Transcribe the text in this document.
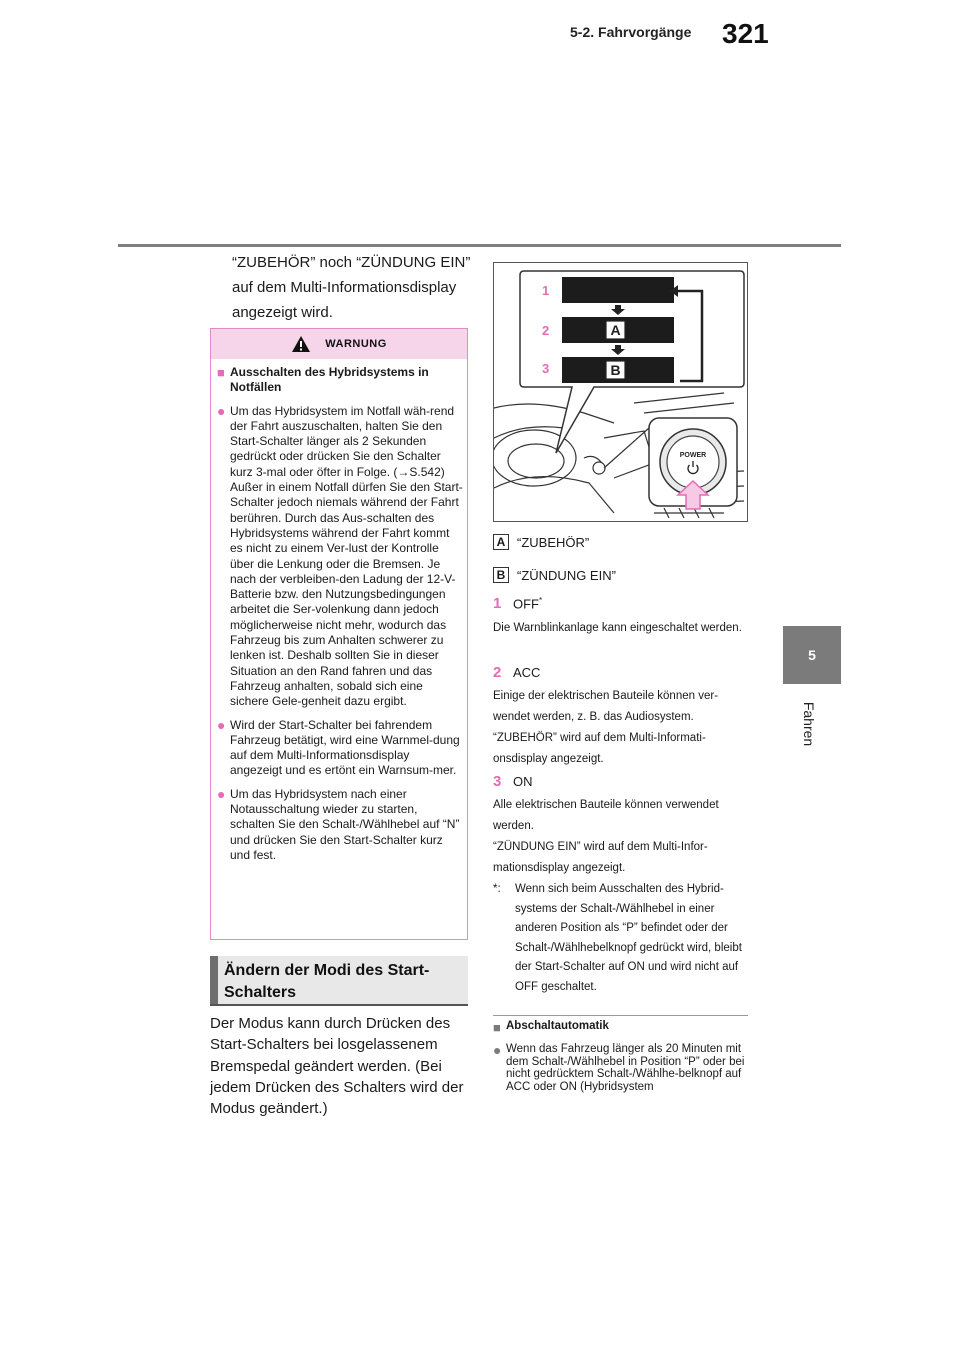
5-2. Fahrvorgänge 321
5
Fahren
“ZUBEHÖR” noch “ZÜNDUNG EIN” auf dem Multi-Informationsdisplay angezeigt wird.
WARNUNG
■ Ausschalten des Hybridsystems in Notfällen
● Um das Hybridsystem im Notfall wäh-rend der Fahrt auszuschalten, halten Sie den Start-Schalter länger als 2 Sekunden gedrückt oder drücken Sie den Schalter kurz 3-mal oder öfter in Folge. (→S.542) Außer in einem Notfall dürfen Sie den Start-Schalter jedoch niemals während der Fahrt berühren. Durch das Aus-schalten des Hybridsystems während der Fahrt kommt es nicht zu einem Ver-lust der Kontrolle über die Lenkung oder die Bremsen. Je nach der verbleiben-den Ladung der 12-V-Batterie bzw. den Nutzungsbedingungen arbeitet die Ser-volenkung dann jedoch möglicherweise nicht mehr, wodurch das Fahrzeug bis zum Anhalten schwerer zu lenken ist. Deshalb sollten Sie in dieser Situation an den Rand fahren und das Fahrzeug anhalten, sobald sich eine sichere Gele-genheit dazu ergibt.
● Wird der Start-Schalter bei fahrendem Fahrzeug betätigt, wird eine Warnmel-dung auf dem Multi-Informationsdisplay angezeigt und es ertönt ein Warnsum-mer.
● Um das Hybridsystem nach einer Notausschaltung wieder zu starten, schalten Sie den Schalt-/Wählhebel auf “N” und drücken Sie den Start-Schalter kurz und fest.
Ändern der Modi des Start-Schalters
Der Modus kann durch Drücken des Start-Schalters bei losgelassenem Bremspedal geändert werden. (Bei jedem Drücken des Schalters wird der Modus geändert.)
A
B
1
2
3
POWER
A “ZUBEHÖR”
B “ZÜNDUNG EIN”
1 OFF*
Die Warnblinkanlage kann eingeschaltet werden.
2 ACC
Einige der elektrischen Bauteile können ver-wendet werden, z. B. das Audiosystem.
“ZUBEHÖR” wird auf dem Multi-Informati-onsdisplay angezeigt.
3 ON
Alle elektrischen Bauteile können verwendet werden.
“ZÜNDUNG EIN” wird auf dem Multi-Infor-mationsdisplay angezeigt.
*:	Wenn sich beim Ausschalten des Hybrid-systems der Schalt-/Wählhebel in einer anderen Position als “P” befindet oder der Schalt-/Wählhebelknopf gedrückt wird, bleibt der Start-Schalter auf ON und wird nicht auf OFF geschaltet.
■ Abschaltautomatik
● Wenn das Fahrzeug länger als 20 Minuten mit dem Schalt-/Wählhebel in Position “P” oder bei nicht gedrücktem Schalt-/Wählhe-belknopf auf ACC oder ON (Hybridsystem
